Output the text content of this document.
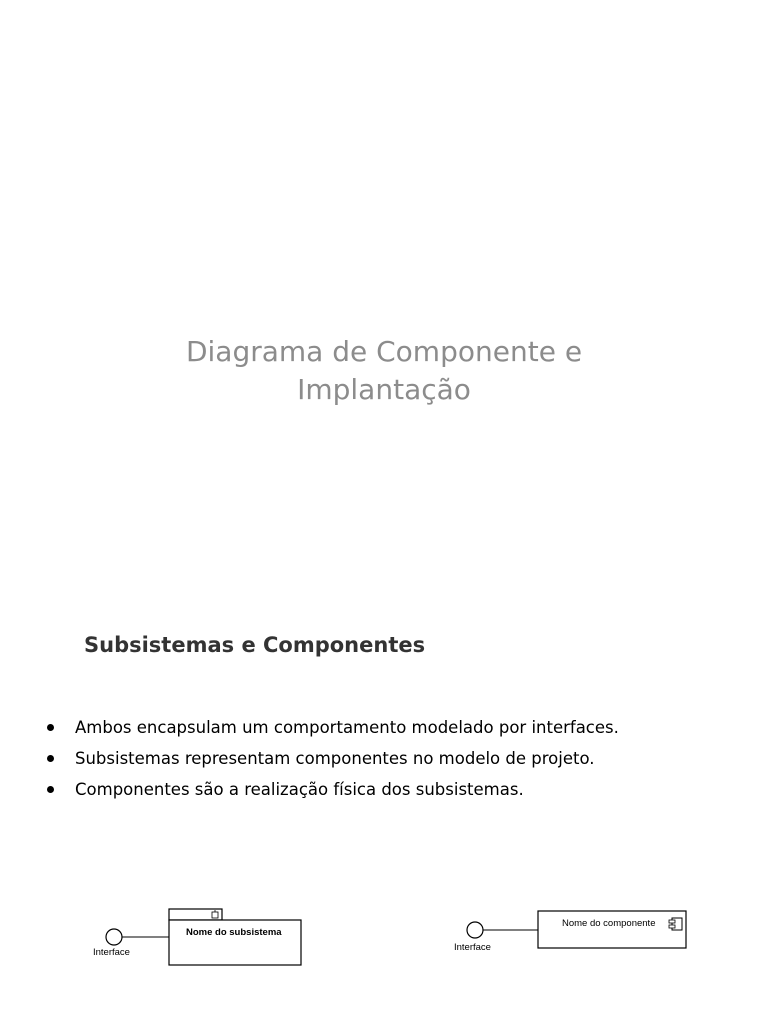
Diagrama de Componente e
Implantação
Subsistemas e Componentes
Ambos encapsulam um comportamento modelado por interfaces.
Subsistemas representam componentes no modelo de projeto.
Componentes são a realização física dos subsistemas.
Nome do subsistema
Interface
Nome do componente
Interface
